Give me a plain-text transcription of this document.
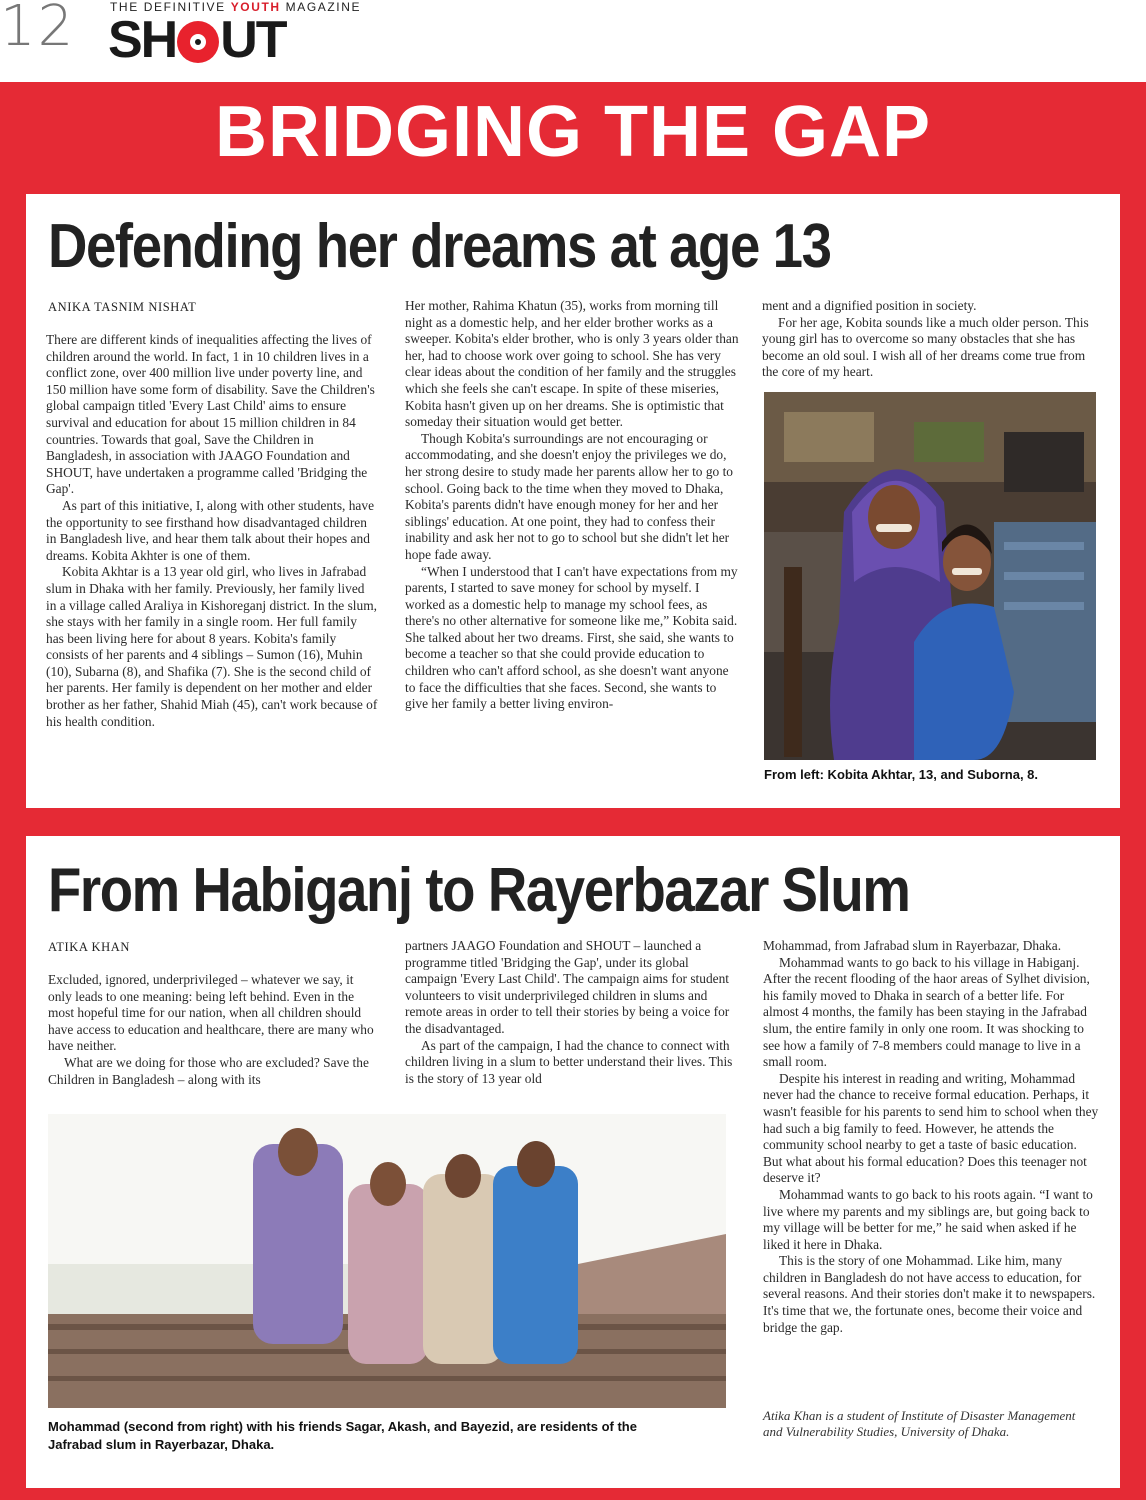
12	THE DEFINITIVE YOUTH MAGAZINE
SH UT
BRIDGING THE GAP
Defending her dreams at age 13
ANIKA TASNIM NISHAT

There are different kinds of inequalities affecting the lives of children around the world. In fact, 1 in 10 children lives in a conflict zone, over 400 million live under poverty line, and 150 million have some form of disability. Save the Children's global campaign titled 'Every Last Child' aims to ensure survival and education for about 15 million children in 84 countries. Towards that goal, Save the Children in Bangladesh, in association with JAAGO Foundation and SHOUT, have undertaken a programme called 'Bridging the Gap'.

As part of this initiative, I, along with other students, have the opportunity to see firsthand how disadvantaged children in Bangladesh live, and hear them talk about their hopes and dreams. Kobita Akhter is one of them.

Kobita Akhtar is a 13 year old girl, who lives in Jafrabad slum in Dhaka with her family. Previously, her family lived in a village called Araliya in Kishoreganj district. In the slum, she stays with her family in a single room. Her full family has been living here for about 8 years. Kobita's family consists of her parents and 4 siblings – Sumon (16), Muhin (10), Subarna (8), and Shafika (7). She is the second child of her parents. Her family is dependent on her mother and elder brother as her father, Shahid Miah (45), can't work because of his health condition.

Her mother, Rahima Khatun (35), works from morning till night as a domestic help, and her elder brother works as a sweeper. Kobita's elder brother, who is only 3 years older than her, had to choose work over going to school. She has very clear ideas about the condition of her family and the struggles which she feels she can't escape. In spite of these miseries, Kobita hasn't given up on her dreams. She is optimistic that someday their situation would get better.

Though Kobita's surroundings are not encouraging or accommodating, and she doesn't enjoy the privileges we do, her strong desire to study made her parents allow her to go to school. Going back to the time when they moved to Dhaka, Kobita's parents didn't have enough money for her and her siblings' education. At one point, they had to confess their inability and ask her not to go to school but she didn't let her hope fade away.

“When I understood that I can't have expectations from my parents, I started to save money for school by myself. I worked as a domestic help to manage my school fees, as there's no other alternative for someone like me,” Kobita said. She talked about her two dreams. First, she said, she wants to become a teacher so that she could provide education to children who can't afford school, as she doesn't want anyone to face the difficulties that she faces. Second, she wants to give her family a better living environ-

ment and a dignified position in society.

For her age, Kobita sounds like a much older person. This young girl has to overcome so many obstacles that she has become an old soul. I wish all of her dreams come true from the core of my heart.

From left: Kobita Akhtar, 13, and Suborna, 8.
From Habiganj to Rayerbazar Slum
ATIKA KHAN

Excluded, ignored, underprivileged – whatever we say, it only leads to one meaning: being left behind. Even in the most hopeful time for our nation, when all children should have access to education and healthcare, there are many who have neither.

What are we doing for those who are excluded? Save the Children in Bangladesh – along with its

partners JAAGO Foundation and SHOUT – launched a programme titled 'Bridging the Gap', under its global campaign 'Every Last Child'. The campaign aims for student volunteers to visit underprivileged children in slums and remote areas in order to tell their stories by being a voice for the disadvantaged.

As part of the campaign, I had the chance to connect with children living in a slum to better understand their lives. This is the story of 13 year old

Mohammad, from Jafrabad slum in Rayerbazar, Dhaka.

Mohammad wants to go back to his village in Habiganj. After the recent flooding of the haor areas of Sylhet division, his family moved to Dhaka in search of a better life. For almost 4 months, the family has been staying in the Jafrabad slum, the entire family in only one room. It was shocking to see how a family of 7-8 members could manage to live in a small room.

Despite his interest in reading and writing, Mohammad never had the chance to receive formal education. Perhaps, it wasn't feasible for his parents to send him to school when they had such a big family to feed. However, he attends the community school nearby to get a taste of basic education. But what about his formal education? Does this teenager not deserve it?

Mohammad wants to go back to his roots again. “I want to live where my parents and my siblings are, but going back to my village will be better for me,” he said when asked if he liked it here in Dhaka.

This is the story of one Mohammad. Like him, many children in Bangladesh do not have access to education, for several reasons. And their stories don't make it to newspapers. It's time that we, the fortunate ones, become their voice and bridge the gap.

Atika Khan is a student of Institute of Disaster Management and Vulnerability Studies, University of Dhaka.
Mohammad (second from right) with his friends Sagar, Akash, and Bayezid, are residents of the Jafrabad slum in Rayerbazar, Dhaka.
